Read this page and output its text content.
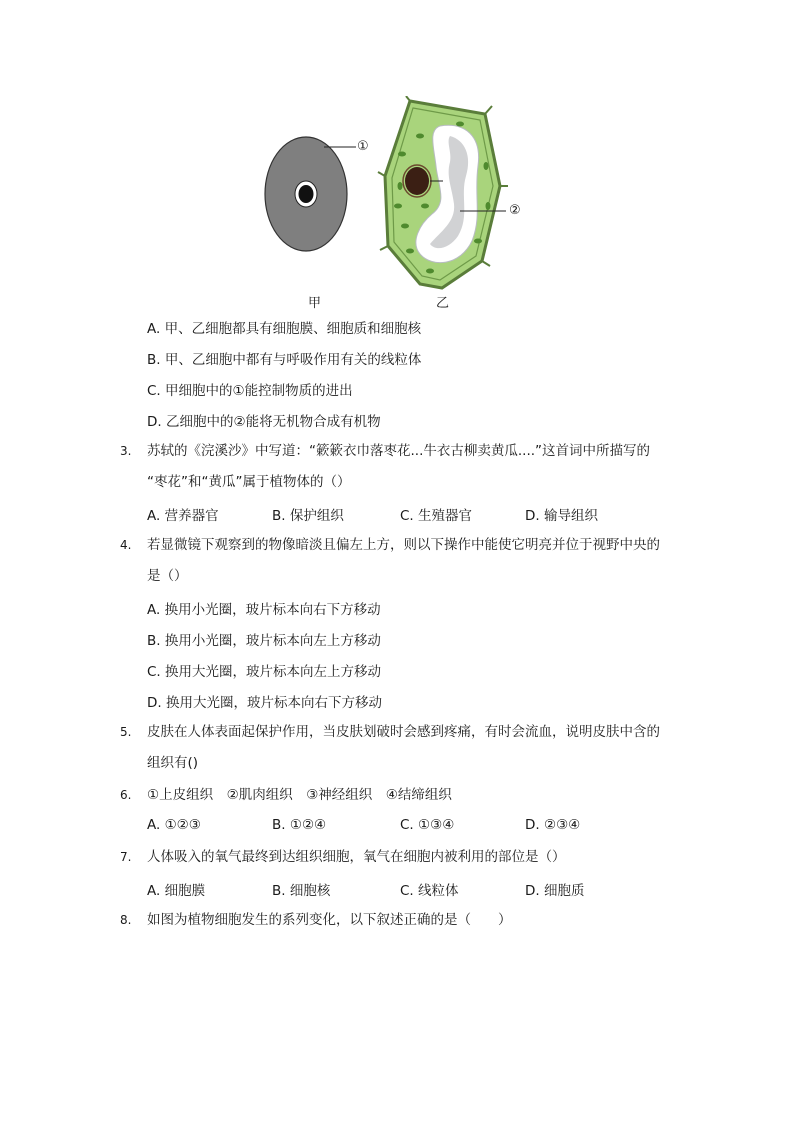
①
②
甲	乙
A. 甲、乙细胞都具有细胞膜、细胞质和细胞核
B. 甲、乙细胞中都有与呼吸作用有关的线粒体
C. 甲细胞中的①能控制物质的进出
D. 乙细胞中的②能将无机物合成有机物
3. 苏轼的《浣溪沙》中写道：“簌簌衣巾落枣花...牛衣古柳卖黄瓜....”这首词中所描写的
“枣花”和“黄瓜”属于植物体的（）
A. 营养器官	B. 保护组织	C. 生殖器官	D. 输导组织
4. 若显微镜下观察到的物像暗淡且偏左上方，则以下操作中能使它明亮并位于视野中央的
是（）
A. 换用小光圈，玻片标本向右下方移动
B. 换用小光圈，玻片标本向左上方移动
C. 换用大光圈，玻片标本向左上方移动
D. 换用大光圈，玻片标本向右下方移动
5. 皮肤在人体表面起保护作用，当皮肤划破时会感到疼痛，有时会流血，说明皮肤中含的
组织有()
6. ①上皮组织　②肌肉组织　③神经组织　④结缔组织
A. ①②③	B. ①②④	C. ①③④	D. ②③④
7. 人体吸入的氧气最终到达组织细胞，氧气在细胞内被利用的部位是（）
A. 细胞膜	B. 细胞核	C. 线粒体	D. 细胞质
8. 如图为植物细胞发生的系列变化，以下叙述正确的是（　　）
